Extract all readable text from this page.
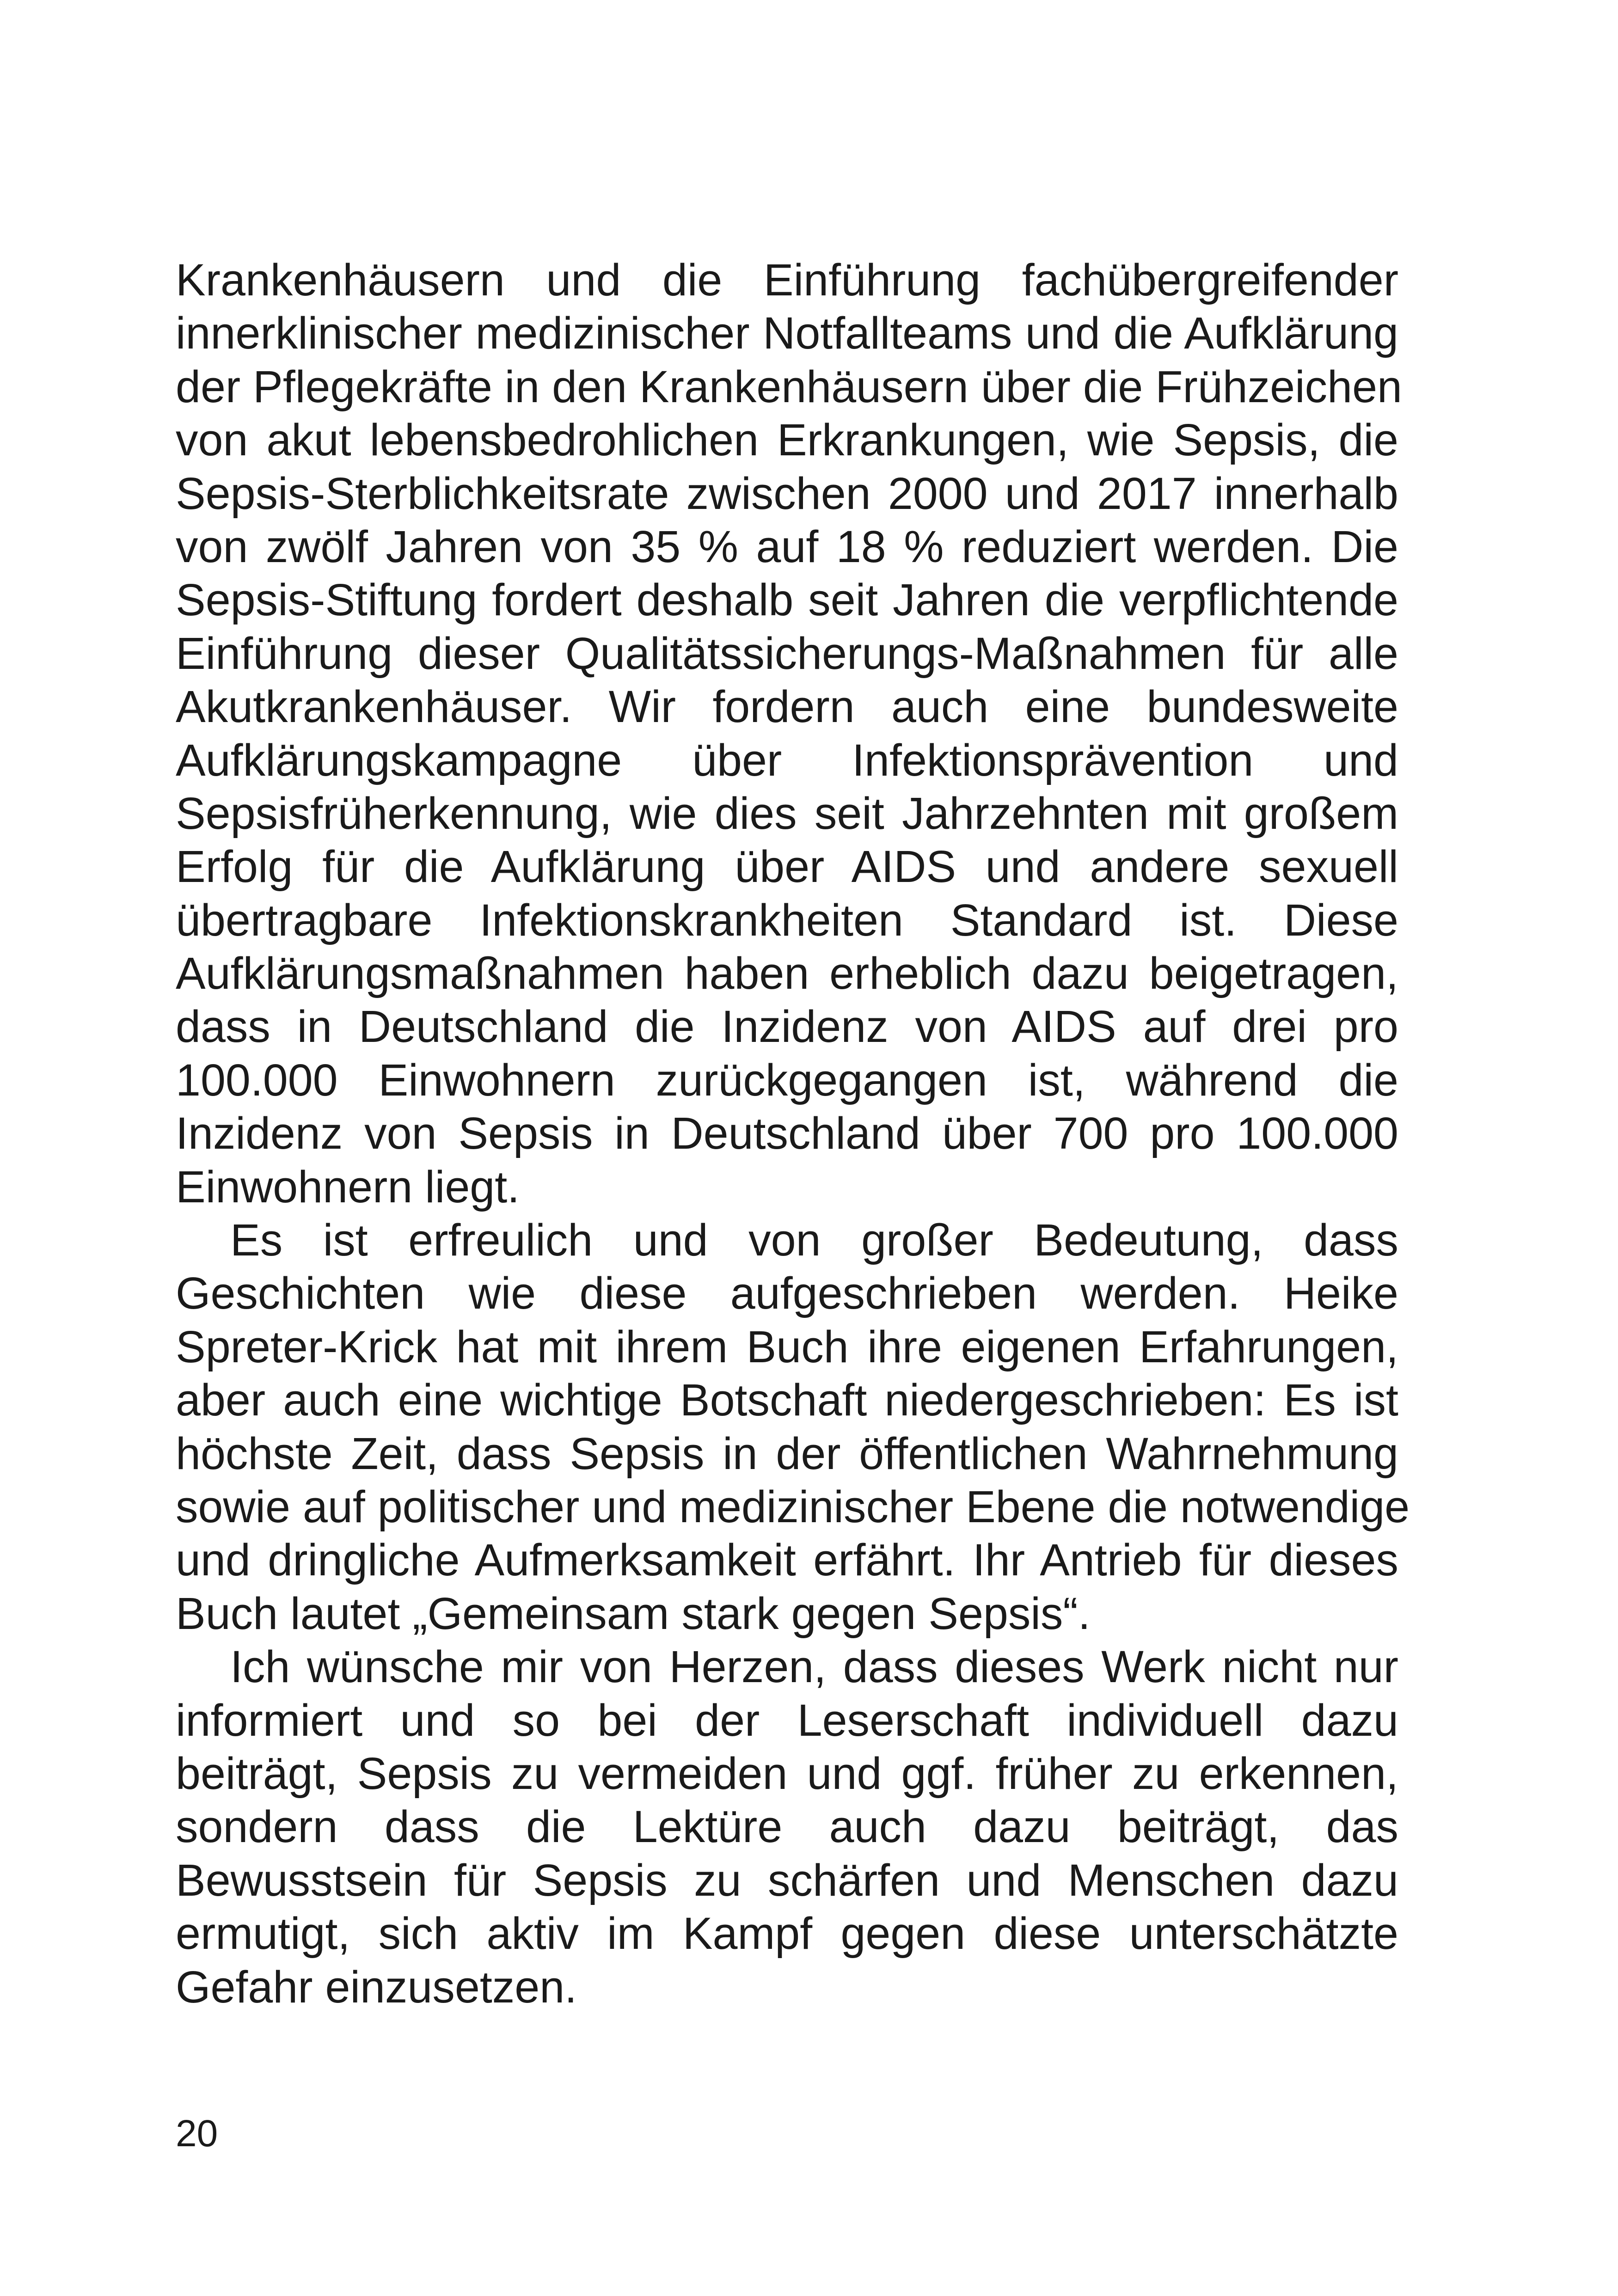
Krankenhäusern und die Einführung fachübergreifender
innerklinischer medizinischer Notfallteams und die Aufklärung
der Pflegekräfte in den Krankenhäusern über die Frühzeichen
von akut lebensbedrohlichen Erkrankungen, wie Sepsis, die
Sepsis-Sterblichkeitsrate zwischen 2000 und 2017 innerhalb
von zwölf Jahren von 35 % auf 18 % reduziert werden. Die
Sepsis-Stiftung fordert deshalb seit Jahren die verpflichtende
Einführung dieser Qualitätssicherungs-Maßnahmen für alle
Akutkrankenhäuser. Wir fordern auch eine bundesweite
Aufklärungskampagne über Infektionsprävention und
Sepsisfrüherkennung, wie dies seit Jahrzehnten mit großem
Erfolg für die Aufklärung über AIDS und andere sexuell
übertragbare Infektionskrankheiten Standard ist. Diese
Aufklärungsmaßnahmen haben erheblich dazu beigetragen,
dass in Deutschland die Inzidenz von AIDS auf drei pro
100.000 Einwohnern zurückgegangen ist, während die
Inzidenz von Sepsis in Deutschland über 700 pro 100.000
Einwohnern liegt.
Es ist erfreulich und von großer Bedeutung, dass
Geschichten wie diese aufgeschrieben werden. Heike
Spreter-Krick hat mit ihrem Buch ihre eigenen Erfahrungen,
aber auch eine wichtige Botschaft niedergeschrieben: Es ist
höchste Zeit, dass Sepsis in der öffentlichen Wahrnehmung
sowie auf politischer und medizinischer Ebene die notwendige
und dringliche Aufmerksamkeit erfährt. Ihr Antrieb für dieses
Buch lautet „Gemeinsam stark gegen Sepsis“.
Ich wünsche mir von Herzen, dass dieses Werk nicht nur
informiert und so bei der Leserschaft individuell dazu
beiträgt, Sepsis zu vermeiden und ggf. früher zu erkennen,
sondern dass die Lektüre auch dazu beiträgt, das
Bewusstsein für Sepsis zu schärfen und Menschen dazu
ermutigt, sich aktiv im Kampf gegen diese unterschätzte
Gefahr einzusetzen.
20
